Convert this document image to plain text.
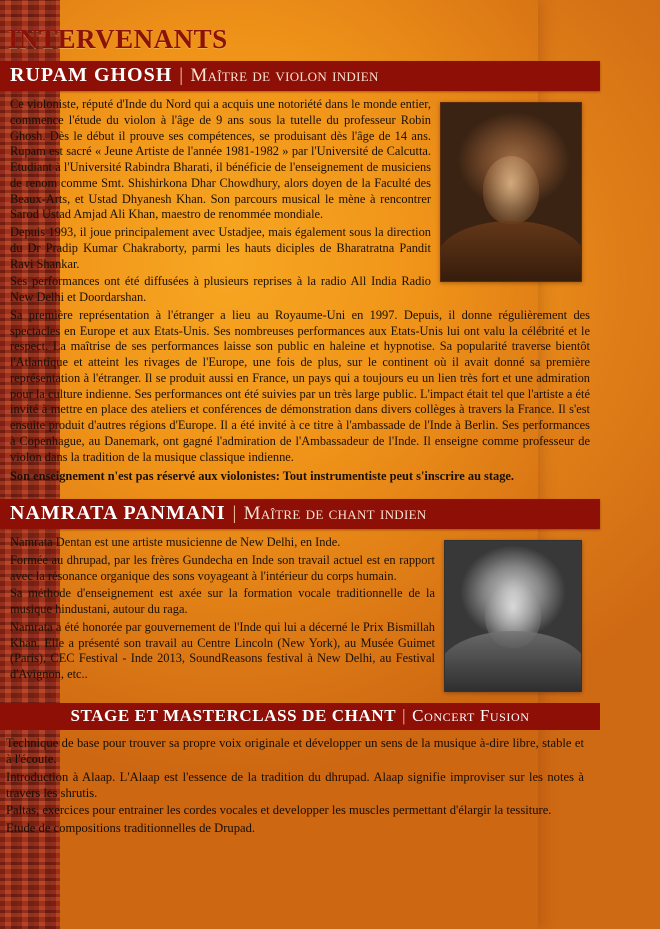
INTERVENANTS
RUPAM GHOSH | Maître de violon indien

Ce violoniste, réputé d'Inde du Nord qui a acquis une notoriété dans le monde entier, commence l'étude du violon à l'âge de 9 ans sous la tutelle du professeur Robin Ghosh. Dès le début il prouve ses compétences, se produisant dès l'âge de 14 ans. Rupam est sacré « Jeune Artiste de l'année 1981-1982 » par l'Université de Calcutta. Etudiant à l'Université Rabindra Bharati, il bénéficie de l'enseignement de musiciens de renom comme Smt. Shishirkona Dhar Chowdhury, alors doyen de la Faculté des Beaux-Arts, et Ustad Dhyanesh Khan. Son parcours musical le mène à rencontrer Sarod Ustad Amjad Ali Khan, maestro de renommée mondiale.

Depuis 1993, il joue principalement avec Ustadjee, mais également sous la direction du Dr Pradip Kumar Chakraborty, parmi les hauts diciples de Bharatratna Pandit Ravi Shankar.

Ses performances ont été diffusées à plusieurs reprises à la radio All India Radio New Delhi et Doordarshan.

Sa première représentation à l'étranger a lieu au Royaume-Uni en 1997. Depuis, il donne régulièrement des spectacles en Europe et aux Etats-Unis. Ses nombreuses performances aux Etats-Unis lui ont valu la célébrité et le respect. La maîtrise de ses performances laisse son public en haleine et hypnotise. Sa popularité traverse bientôt l'Atlantique et atteint les rivages de l'Europe, une fois de plus, sur le continent où il avait donné sa première représentation à l'étranger. Il se produit aussi en France, un pays qui a toujours eu un lien très fort et une admiration pour la culture indienne. Ses performances ont été suivies par un très large public. L'impact était tel que l'artiste a été invité à mettre en place des ateliers et conférences de démonstration dans divers collèges à travers la France. Il s'est ensuite produit d'autres régions d'Europe. Il a été invité à ce titre à l'ambassade de l'Inde à Berlin. Ses performances à Copenhague, au Danemark, ont gagné l'admiration de l'Ambassadeur de l'Inde. Il enseigne comme professeur de violon dans la tradition de la musique classique indienne.

Son enseignement n'est pas réservé aux violonistes: Tout instrumentiste peut s'inscrire au stage.

NAMRATA PANMANI | Maître de chant indien

Namrata Dentan est une artiste musicienne de New Delhi, en Inde.

Formée au dhrupad, par les frères Gundecha en Inde son travail actuel est en rapport avec la résonance organique des sons voyageant à l'intérieur du corps humain.

Sa méthode d'enseignement est axée sur la formation vocale traditionnelle de la musique hindustani, autour du raga.

Namrata a été honorée par gouvernement de l'Inde qui lui a décerné le Prix Bismillah Khan. Elle a présenté son travail au Centre Lincoln (New York), au Musée Guimet (Paris), CEC Festival - Inde 2013, SoundReasons festival à New Delhi, au Festival d'Avignon, etc..

STAGE ET MASTERCLASS DE CHANT | Concert Fusion

Technique de base pour trouver sa propre voix originale et développer un sens de la musique à-dire libre, stable et à l'écoute.

Introduction à Alaap. L'Alaap est l'essence de la tradition du dhrupad. Alaap signifie improviser sur les notes à travers les shrutis.

Paltas, exercices pour entrainer les cordes vocales et developper les muscles permettant d'élargir la tessiture.

Etude de compositions traditionnelles de Drupad.
